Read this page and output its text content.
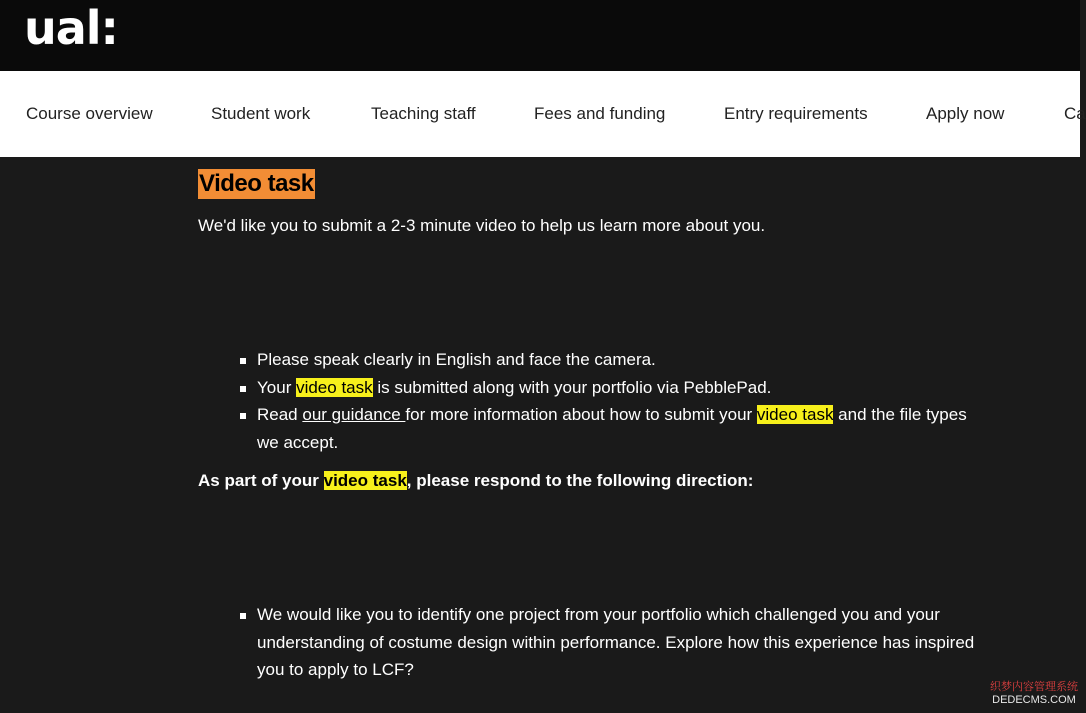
ual:
Course overview	Student work	Teaching staff	Fees and funding	Entry requirements	Apply now	Ca
Video task

We'd like you to submit a 2-3 minute video to help us learn more about you.

Please speak clearly in English and face the camera.
Your video task is submitted along with your portfolio via PebblePad.
Read our guidance for more information about how to submit your video task and the file types we accept.

As part of your video task, please respond to the following direction:

We would like you to identify one project from your portfolio which challenged you and your understanding of costume design within performance. Explore how this experience has inspired you to apply to LCF?
织梦内容管理系统
DEDECMS.COM
